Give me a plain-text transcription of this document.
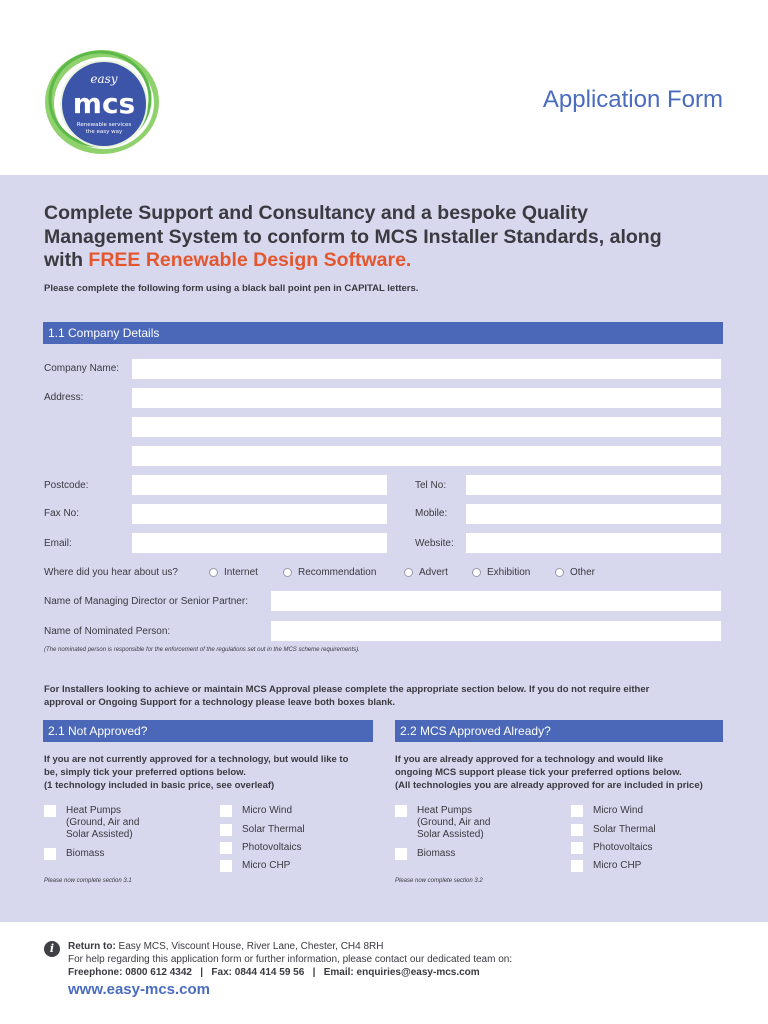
easy
mcs
Renewable services
the easy way
Application Form
Complete Support and Consultancy and a bespoke Quality
Management System to conform to MCS Installer Standards, along
with FREE Renewable Design Software.
Please complete the following form using a black ball point pen in CAPITAL letters.
1.1 Company Details
Company Name:
Address:
Postcode:	Tel No:
Fax No:	Mobile:
Email:	Website:
Where did you hear about us?	Internet	Recommendation	Advert	Exhibition	Other
Name of Managing Director or Senior Partner:
Name of Nominated Person:
(The nominated person is responsible for the enforcement of the regulations set out in the MCS scheme requirements).
For Installers looking to achieve or maintain MCS Approval please complete the appropriate section below. If you do not require either
approval or Ongoing Support for a technology please leave both boxes blank.
2.1 Not Approved?
If you are not currently approved for a technology, but would like to
be, simply tick your preferred options below.
(1 technology included in basic price, see overleaf)
Heat Pumps
(Ground, Air and
Solar Assisted)
Biomass
Micro Wind
Solar Thermal
Photovoltaics
Micro CHP
Please now complete section 3.1
2.2 MCS Approved Already?
If you are already approved for a technology and would like
ongoing MCS support please tick your preferred options below.
(All technologies you are already approved for are included in price)
Heat Pumps
(Ground, Air and
Solar Assisted)
Biomass
Micro Wind
Solar Thermal
Photovoltaics
Micro CHP
Please now complete section 3.2
i	Return to: Easy MCS, Viscount House, River Lane, Chester, CH4 8RH
For help regarding this application form or further information, please contact our dedicated team on:
Freephone: 0800 612 4342   |   Fax: 0844 414 59 56   |   Email: enquiries@easy-mcs.com
www.easy-mcs.com
